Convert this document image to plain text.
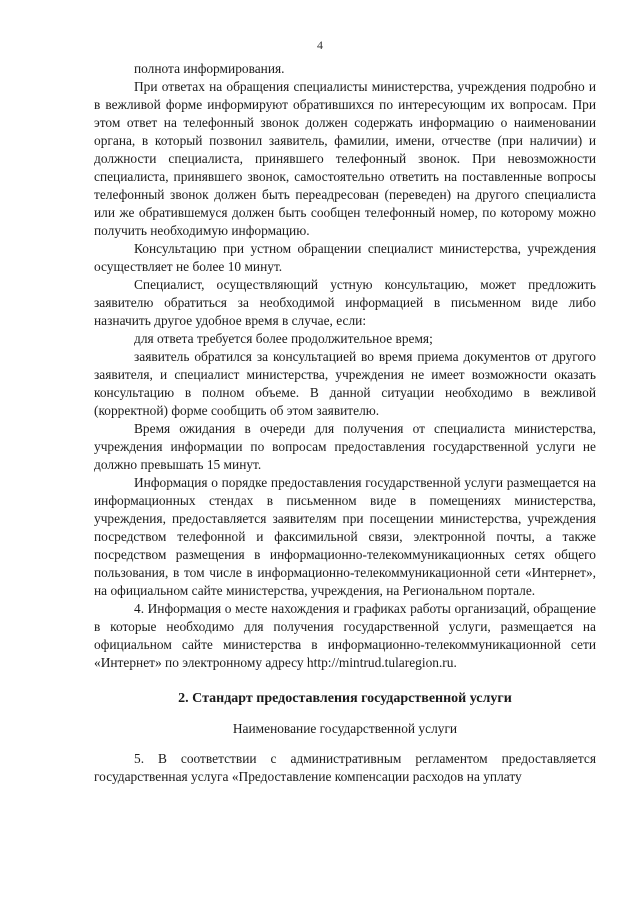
4

полнота информирования.

При ответах на обращения специалисты министерства, учреждения подробно и в вежливой форме информируют обратившихся по интересующим их вопросам. При этом ответ на телефонный звонок должен содержать информацию о наименовании органа, в который позвонил заявитель, фамилии, имени, отчестве (при наличии) и должности специалиста, принявшего телефонный звонок. При невозможности специалиста, принявшего звонок, самостоятельно ответить на поставленные вопросы телефонный звонок должен быть переадресован (переведен) на другого специалиста или же обратившемуся должен быть сообщен телефонный номер, по которому можно получить необходимую информацию.

Консультацию при устном обращении специалист министерства, учреждения осуществляет не более 10 минут.

Специалист, осуществляющий устную консультацию, может предложить заявителю обратиться за необходимой информацией в письменном виде либо назначить другое удобное время в случае, если:

для ответа требуется более продолжительное время;

заявитель обратился за консультацией во время приема документов от другого заявителя, и специалист министерства, учреждения не имеет возможности оказать консультацию в полном объеме. В данной ситуации необходимо в вежливой (корректной) форме сообщить об этом заявителю.

Время ожидания в очереди для получения от специалиста министерства, учреждения информации по вопросам предоставления государственной услуги не должно превышать 15 минут.

Информация о порядке предоставления государственной услуги размещается на информационных стендах в письменном виде в помещениях министерства, учреждения, предоставляется заявителям при посещении министерства, учреждения посредством телефонной и факсимильной связи, электронной почты, а также посредством размещения в информационно-телекоммуникационных сетях общего пользования, в том числе в информационно-телекоммуникационной сети «Интернет», на официальном сайте министерства, учреждения, на Региональном портале.

4. Информация о месте нахождения и графиках работы организаций, обращение в которые необходимо для получения государственной услуги, размещается на официальном сайте министерства в информационно-телекоммуникационной сети «Интернет» по электронному адресу http://mintrud.tularegion.ru.

2. Стандарт предоставления государственной услуги
Наименование государственной услуги

5. В соответствии с административным регламентом предоставляется государственная услуга «Предоставление компенсации расходов на уплату
